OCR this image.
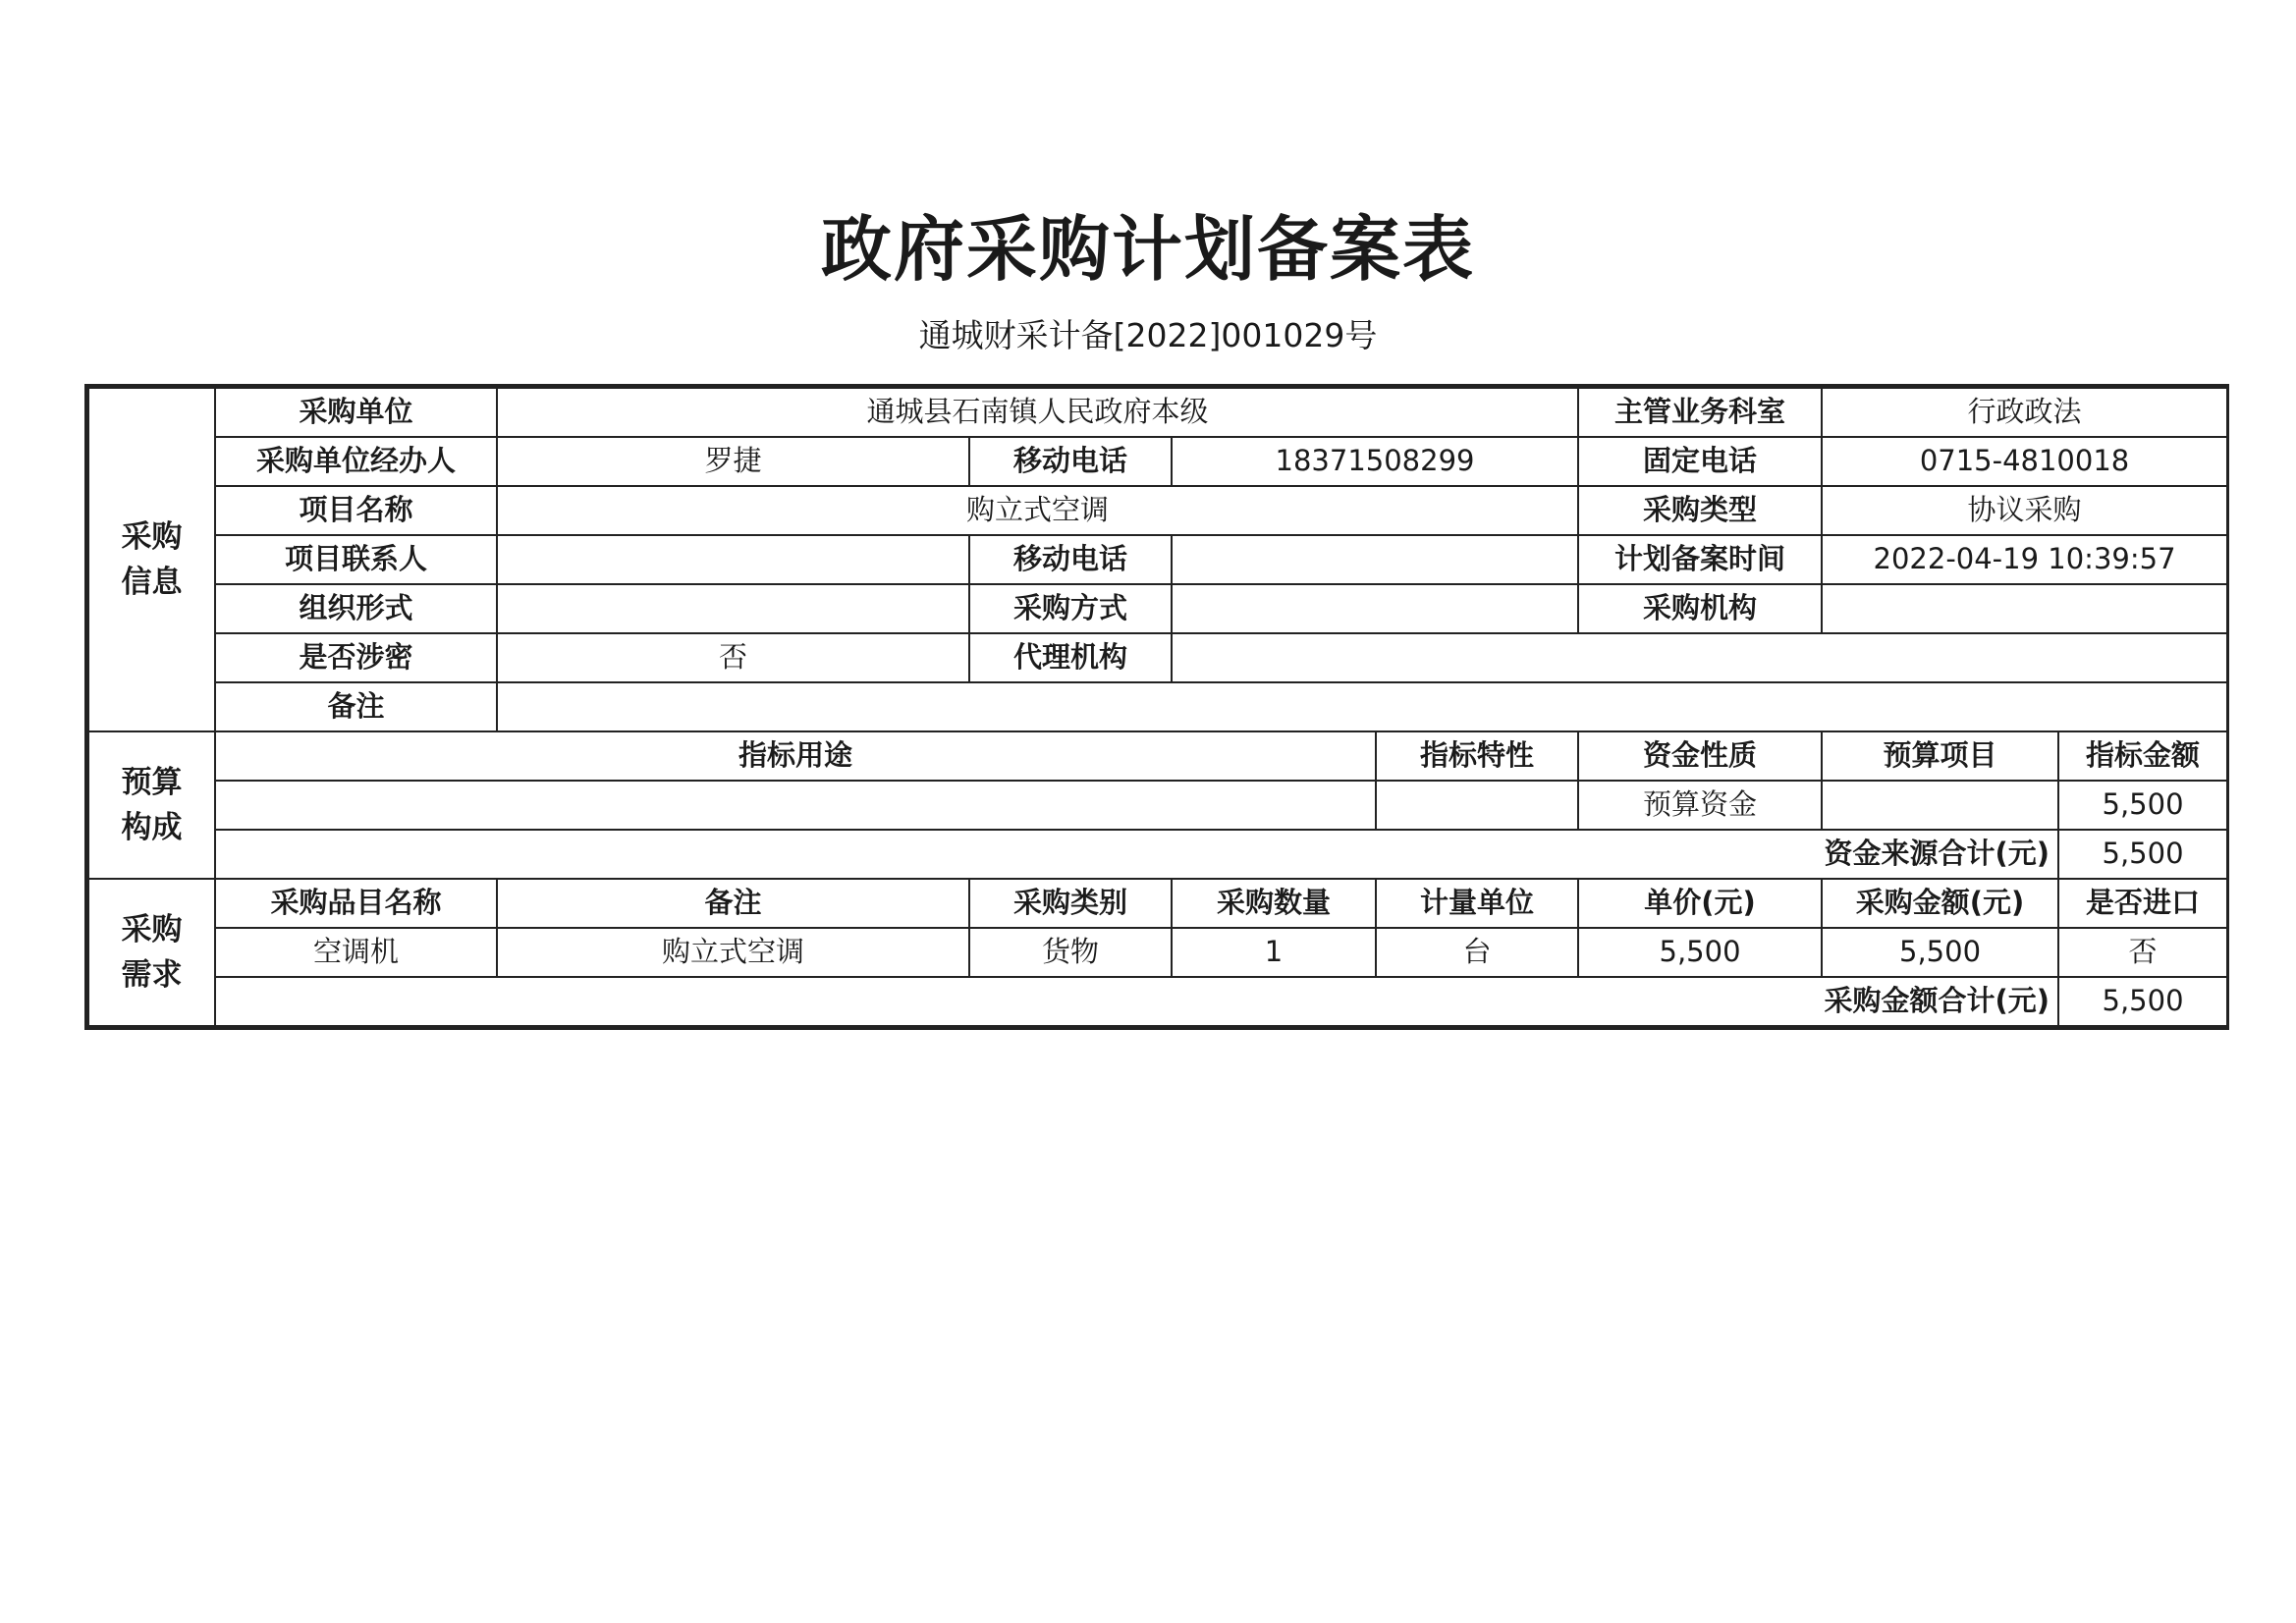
政府采购计划备案表
通城财采计备[2022]001029号
采购
信息	采购单位	通城县石南镇人民政府本级				主管业务科室	行政政法	
	采购单位经办人	罗捷	移动电话	18371508299		固定电话	0715-4810018	
	项目名称	购立式空调				采购类型	协议采购	
	项目联系人		移动电话			计划备案时间	2022-04-19 10:39:57	
	组织形式		采购方式			采购机构		
	是否涉密	否	代理机构					
	备注							
预算
构成	指标用途				指标特性	资金性质	预算项目	指标金额
						预算资金		5,500
	资金来源合计(元)							5,500
采购
需求	采购品目名称	备注	采购类别	采购数量	计量单位	单价(元)	采购金额(元)	是否进口
	空调机	购立式空调	货物	1	台	5,500	5,500	否
	采购金额合计(元)							5,500
